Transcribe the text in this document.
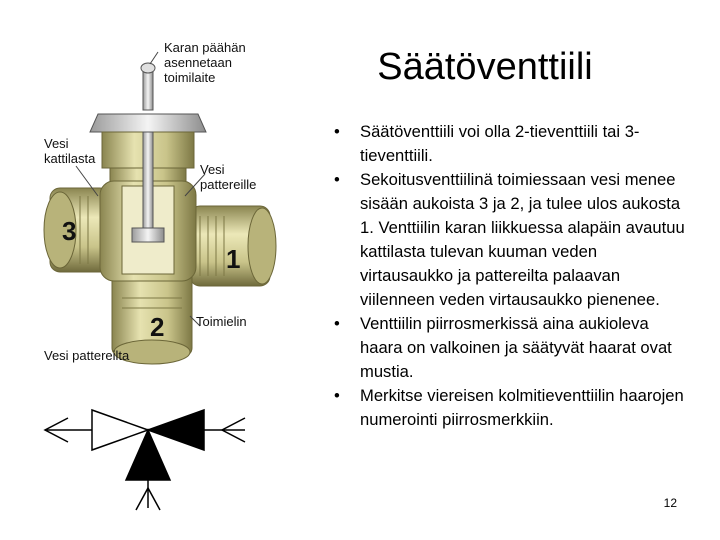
Karan päähän
asennetaan
toimilaite
Vesi
kattilasta
Vesi
pattereille
Toimielin
Vesi pattereilta
3
1
2
Säätöventtiili
• Säätöventtiili voi olla 2-tieventtiili tai 3-tieventtiili.
• Sekoitusventtiilinä toimiessaan vesi menee sisään aukoista 3 ja 2, ja tulee ulos aukosta 1. Venttiilin karan liikkuessa alapäin avautuu kattilasta tulevan kuuman veden virtausaukko ja pattereilta palaavan viilenneen veden virtausaukko pienenee.
• Venttiilin piirrosmerkissä aina aukioleva haara on valkoinen ja säätyvät haarat ovat mustia.
• Merkitse viereisen kolmitieventtiilin haarojen numerointi piirrosmerkkiin.
12
